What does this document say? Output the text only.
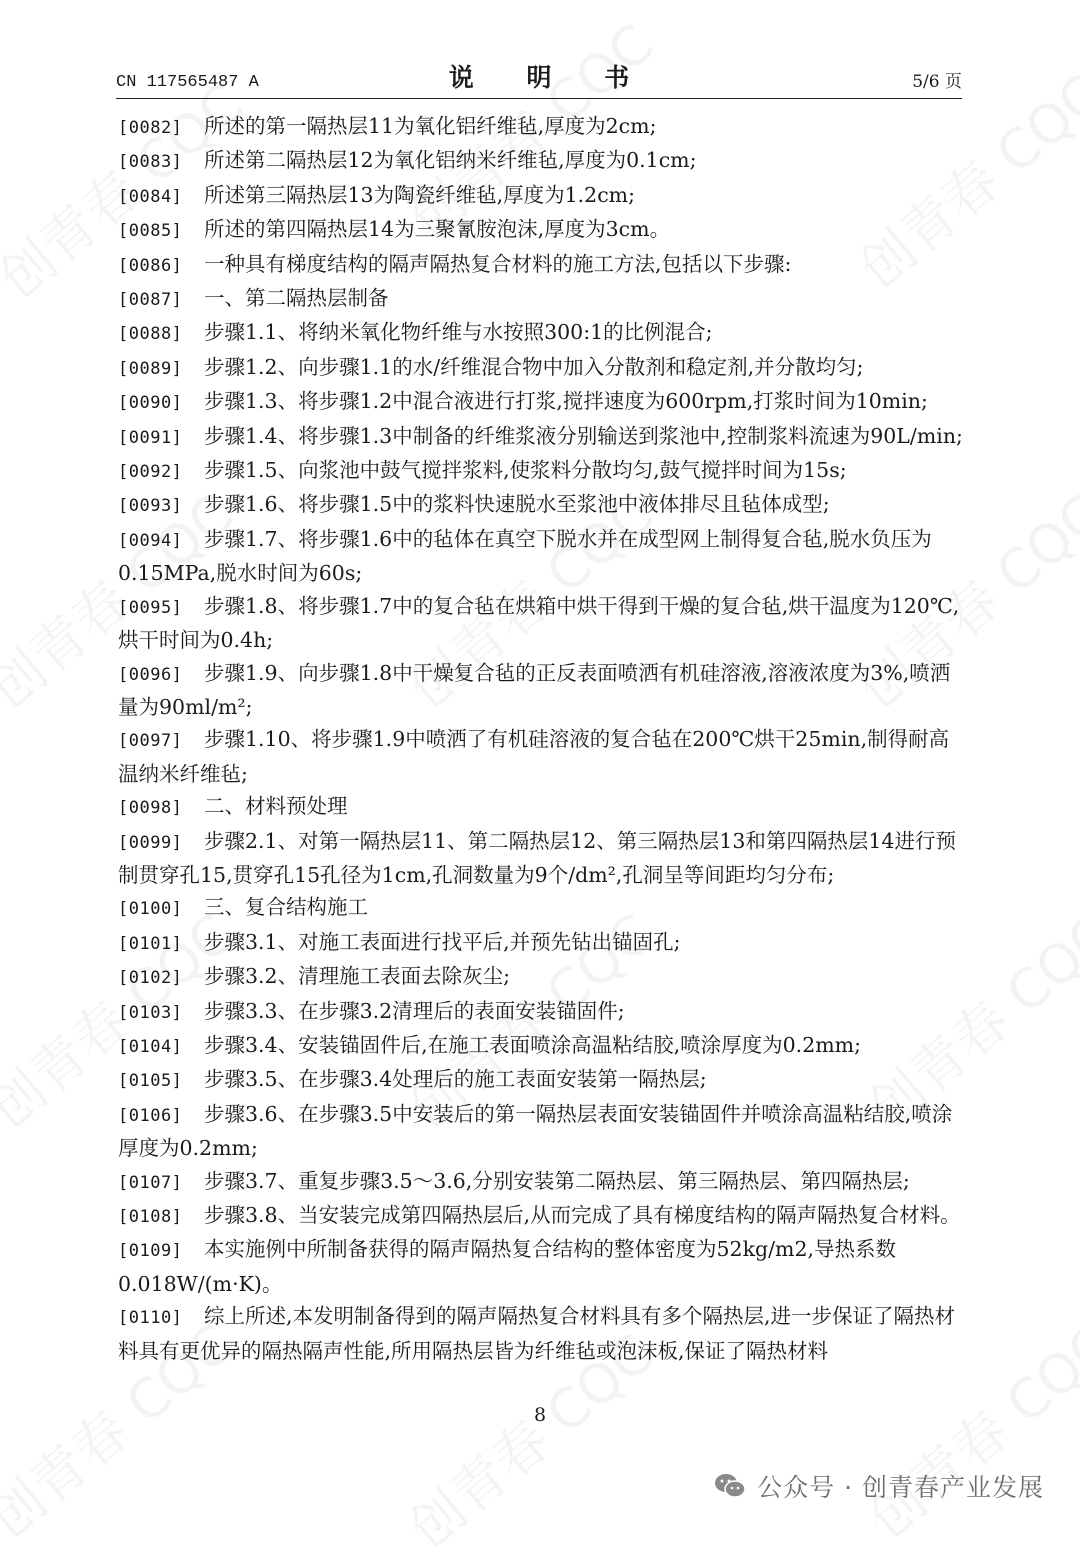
CN 117565487 A	说 明 书	5/6 页

[0082] 所述的第一隔热层11为氧化铝纤维毡,厚度为2cm;

[0083] 所述第二隔热层12为氧化铝纳米纤维毡,厚度为0.1cm;

[0084] 所述第三隔热层13为陶瓷纤维毡,厚度为1.2cm;

[0085] 所述的第四隔热层14为三聚氰胺泡沫,厚度为3cm。

[0086] 一种具有梯度结构的隔声隔热复合材料的施工方法,包括以下步骤:

[0087] 一、第二隔热层制备

[0088] 步骤1.1、将纳米氧化物纤维与水按照300:1的比例混合;

[0089] 步骤1.2、向步骤1.1的水/纤维混合物中加入分散剂和稳定剂,并分散均匀;

[0090] 步骤1.3、将步骤1.2中混合液进行打浆,搅拌速度为600rpm,打浆时间为10min;

[0091] 步骤1.4、将步骤1.3中制备的纤维浆液分别输送到浆池中,控制浆料流速为90L/min;

[0092] 步骤1.5、向浆池中鼓气搅拌浆料,使浆料分散均匀,鼓气搅拌时间为15s;

[0093] 步骤1.6、将步骤1.5中的浆料快速脱水至浆池中液体排尽且毡体成型;

[0094] 步骤1.7、将步骤1.6中的毡体在真空下脱水并在成型网上制得复合毡,脱水负压为0.15MPa,脱水时间为60s;

[0095] 步骤1.8、将步骤1.7中的复合毡在烘箱中烘干得到干燥的复合毡,烘干温度为120℃,烘干时间为0.4h;

[0096] 步骤1.9、向步骤1.8中干燥复合毡的正反表面喷洒有机硅溶液,溶液浓度为3%,喷洒量为90ml/m²;

[0097] 步骤1.10、将步骤1.9中喷洒了有机硅溶液的复合毡在200℃烘干25min,制得耐高温纳米纤维毡;

[0098] 二、材料预处理

[0099] 步骤2.1、对第一隔热层11、第二隔热层12、第三隔热层13和第四隔热层14进行预制贯穿孔15,贯穿孔15孔径为1cm,孔洞数量为9个/dm²,孔洞呈等间距均匀分布;

[0100] 三、复合结构施工

[0101] 步骤3.1、对施工表面进行找平后,并预先钻出锚固孔;

[0102] 步骤3.2、清理施工表面去除灰尘;

[0103] 步骤3.3、在步骤3.2清理后的表面安装锚固件;

[0104] 步骤3.4、安装锚固件后,在施工表面喷涂高温粘结胶,喷涂厚度为0.2mm;

[0105] 步骤3.5、在步骤3.4处理后的施工表面安装第一隔热层;

[0106] 步骤3.6、在步骤3.5中安装后的第一隔热层表面安装锚固件并喷涂高温粘结胶,喷涂厚度为0.2mm;

[0107] 步骤3.7、重复步骤3.5～3.6,分别安装第二隔热层、第三隔热层、第四隔热层;

[0108] 步骤3.8、当安装完成第四隔热层后,从而完成了具有梯度结构的隔声隔热复合材料。

[0109] 本实施例中所制备获得的隔声隔热复合结构的整体密度为52kg/m2,导热系数0.018W/(m·K)。

[0110] 综上所述,本发明制备得到的隔声隔热复合材料具有多个隔热层,进一步保证了隔热材料具有更优异的隔热隔声性能,所用隔热层皆为纤维毡或泡沫板,保证了隔热材料

8
公众号 · 创青春产业发展
